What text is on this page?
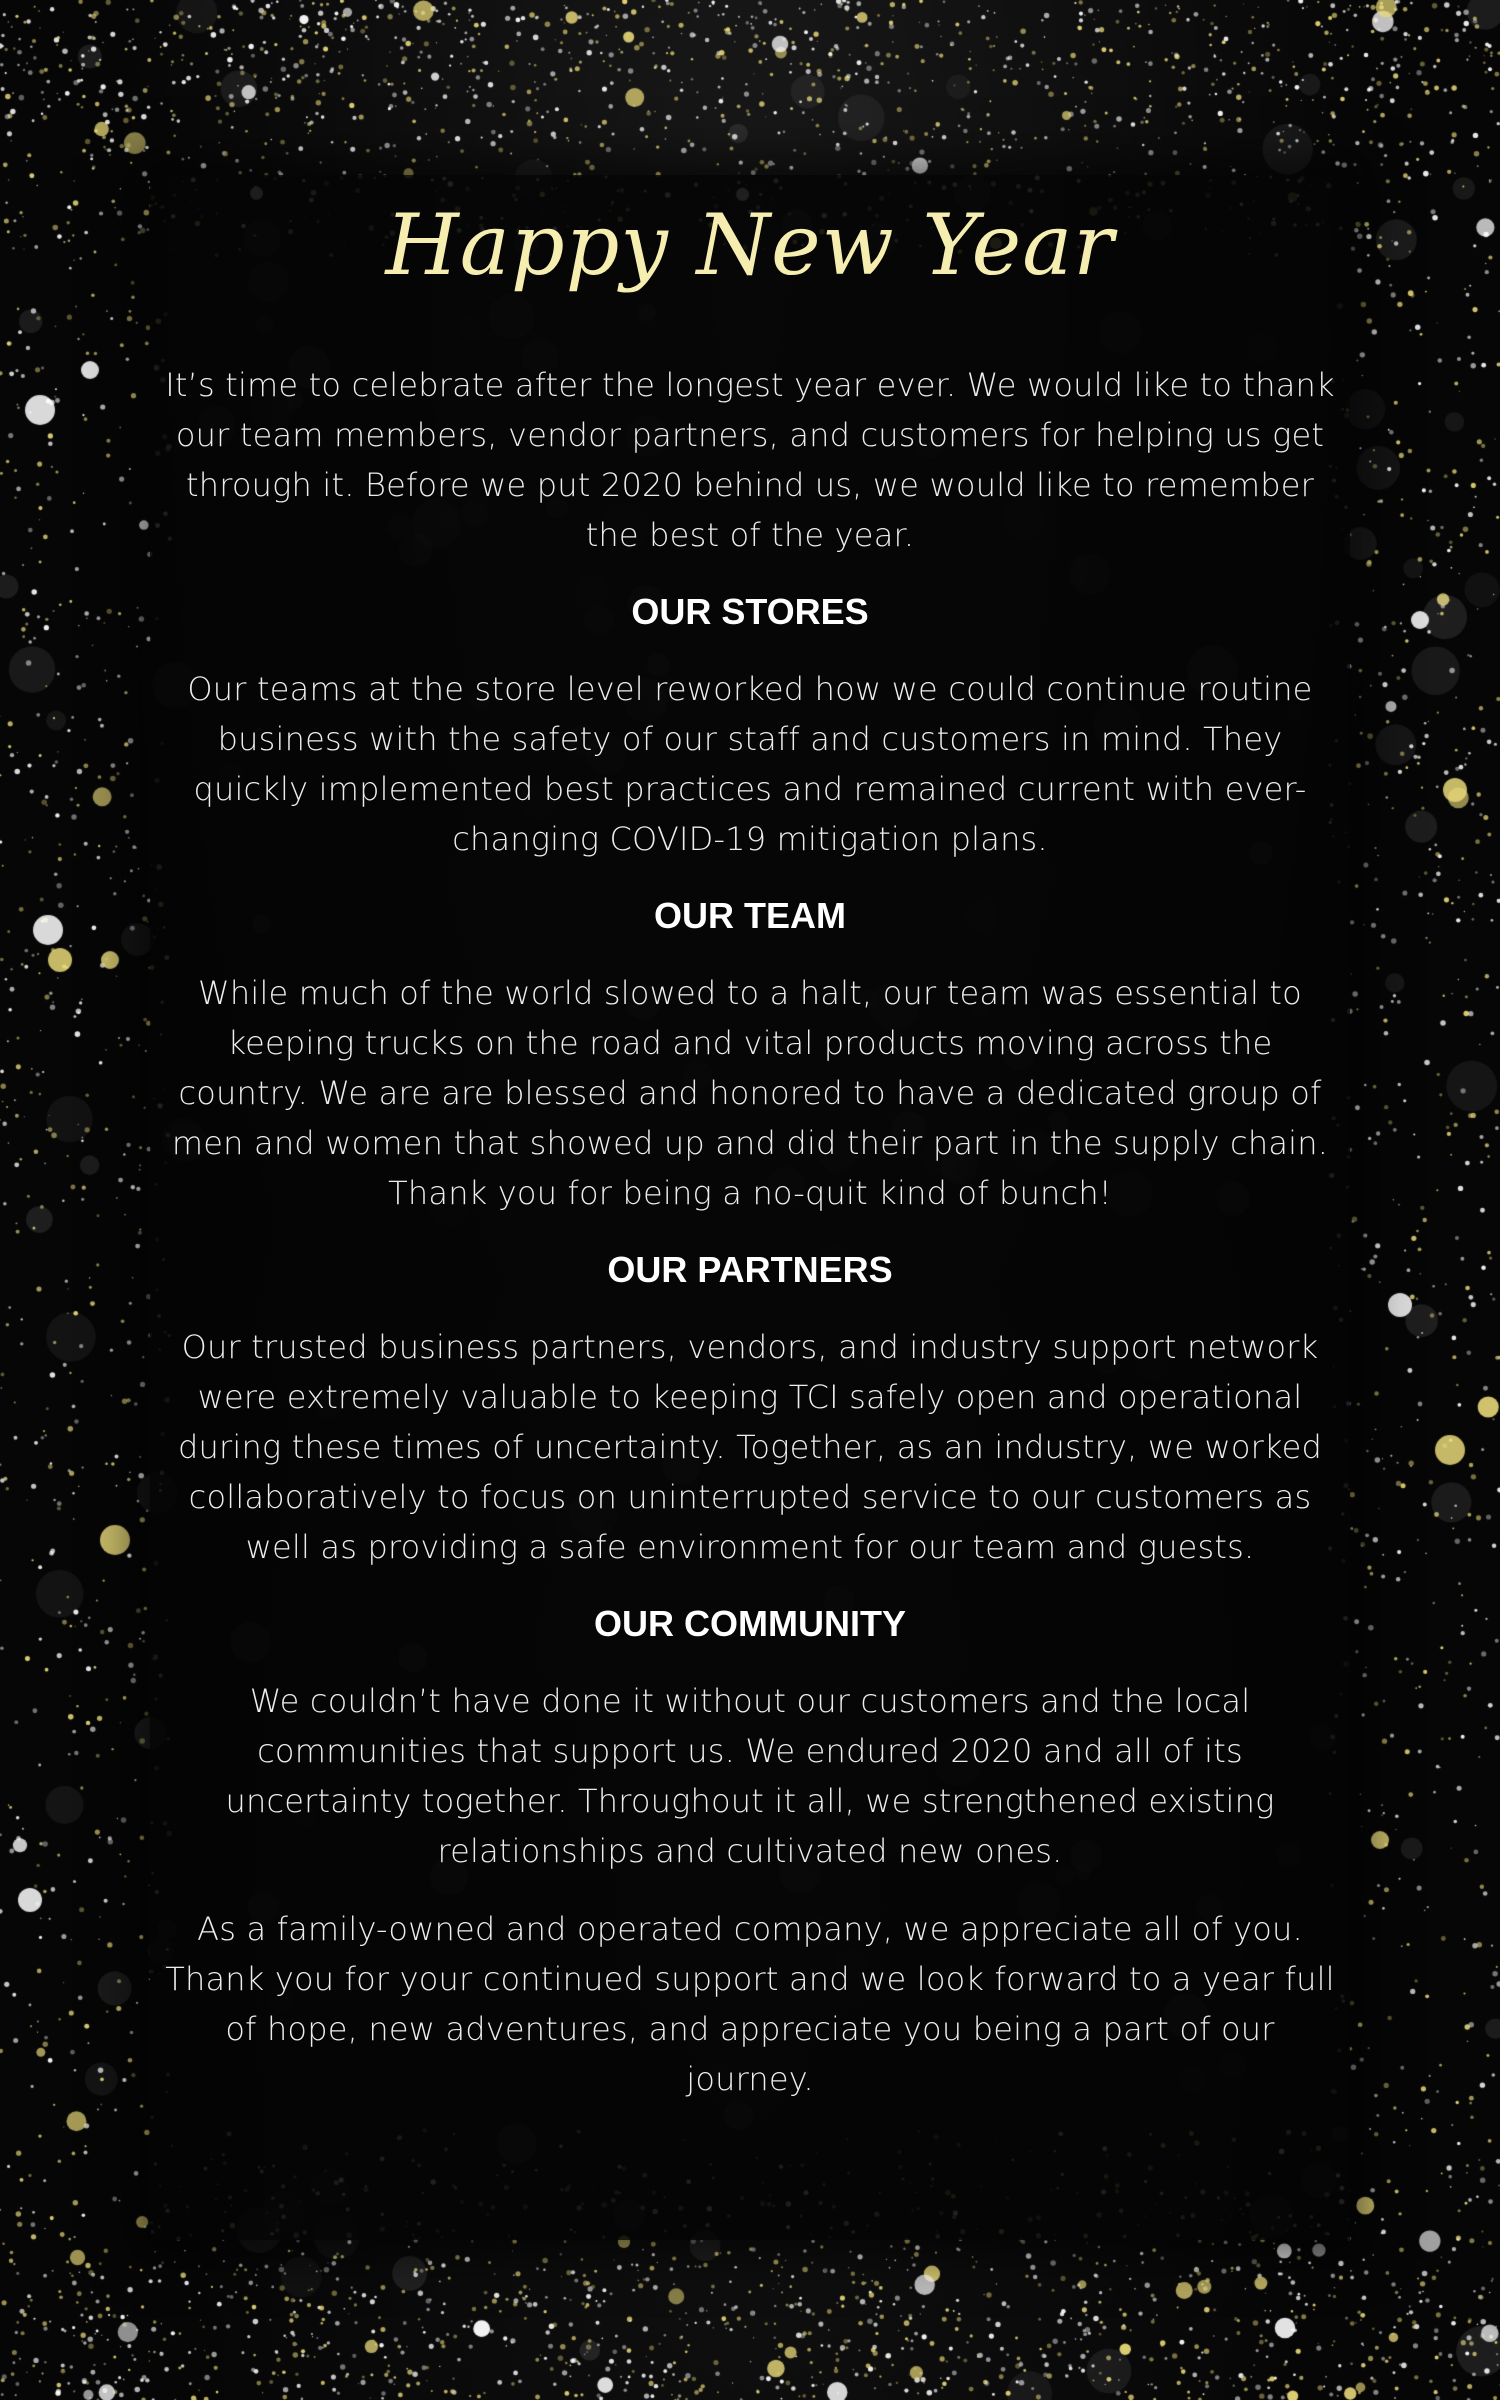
Happy New Year

It’s time to celebrate after the longest year ever. We would like to thank our team members, vendor partners, and customers for helping us get through it. Before we put 2020 behind us, we would like to remember the best of the year.

OUR STORES

Our teams at the store level reworked how we could continue routine business with the safety of our staff and customers in mind. They quickly implemented best practices and remained current with ever-changing COVID-19 mitigation plans.

OUR TEAM

While much of the world slowed to a halt, our team was essential to keeping trucks on the road and vital products moving across the country. We are are blessed and honored to have a dedicated group of men and women that showed up and did their part in the supply chain. Thank you for being a no-quit kind of bunch!

OUR PARTNERS

Our trusted business partners, vendors, and industry support network were extremely valuable to keeping TCI safely open and operational during these times of uncertainty. Together, as an industry, we worked collaboratively to focus on uninterrupted service to our customers as well as providing a safe environment for our team and guests.

OUR COMMUNITY

We couldn’t have done it without our customers and the local communities that support us. We endured 2020 and all of its uncertainty together. Throughout it all, we strengthened existing relationships and cultivated new ones.

As a family-owned and operated company, we appreciate all of you. Thank you for your continued support and we look forward to a year full of hope, new adventures, and appreciate you being a part of our journey.
